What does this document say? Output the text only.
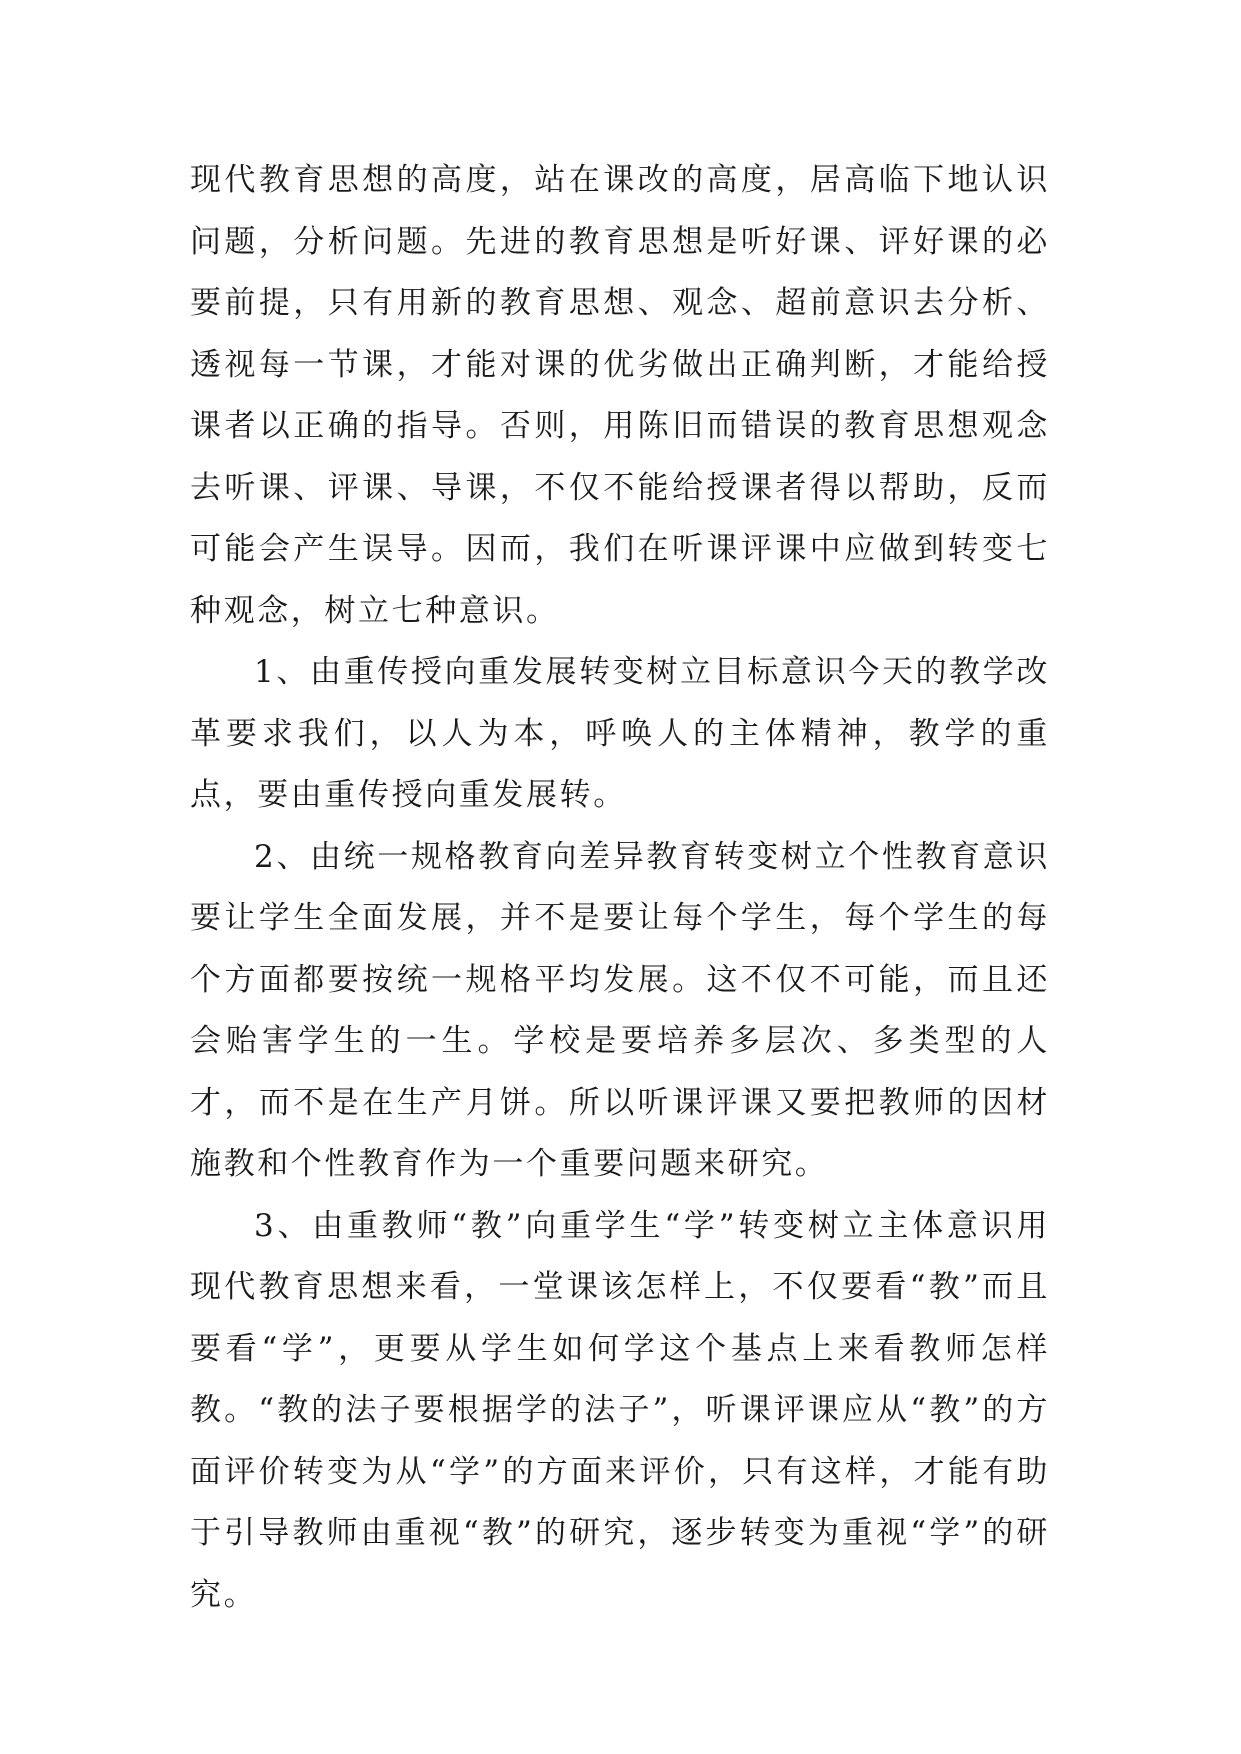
现代教育思想的高度，站在课改的高度，居高临下地认识问题，分析问题。先进的教育思想是听好课、评好课的必要前提，只有用新的教育思想、观念、超前意识去分析、透视每一节课，才能对课的优劣做出正确判断，才能给授课者以正确的指导。否则，用陈旧而错误的教育思想观念去听课、评课、导课，不仅不能给授课者得以帮助，反而可能会产生误导。因而，我们在听课评课中应做到转变七种观念，树立七种意识。

1、由重传授向重发展转变树立目标意识今天的教学改革要求我们，以人为本，呼唤人的主体精神，教学的重点，要由重传授向重发展转。

2、由统一规格教育向差异教育转变树立个性教育意识要让学生全面发展，并不是要让每个学生，每个学生的每个方面都要按统一规格平均发展。这不仅不可能，而且还会贻害学生的一生。学校是要培养多层次、多类型的人才，而不是在生产月饼。所以听课评课又要把教师的因材施教和个性教育作为一个重要问题来研究。

3、由重教师“教”向重学生“学”转变树立主体意识用现代教育思想来看，一堂课该怎样上，不仅要看“教”而且要看“学”，更要从学生如何学这个基点上来看教师怎样教。“教的法子要根据学的法子”，听课评课应从“教”的方面评价转变为从“学”的方面来评价，只有这样，才能有助于引导教师由重视“教”的研究，逐步转变为重视“学”的研究。
